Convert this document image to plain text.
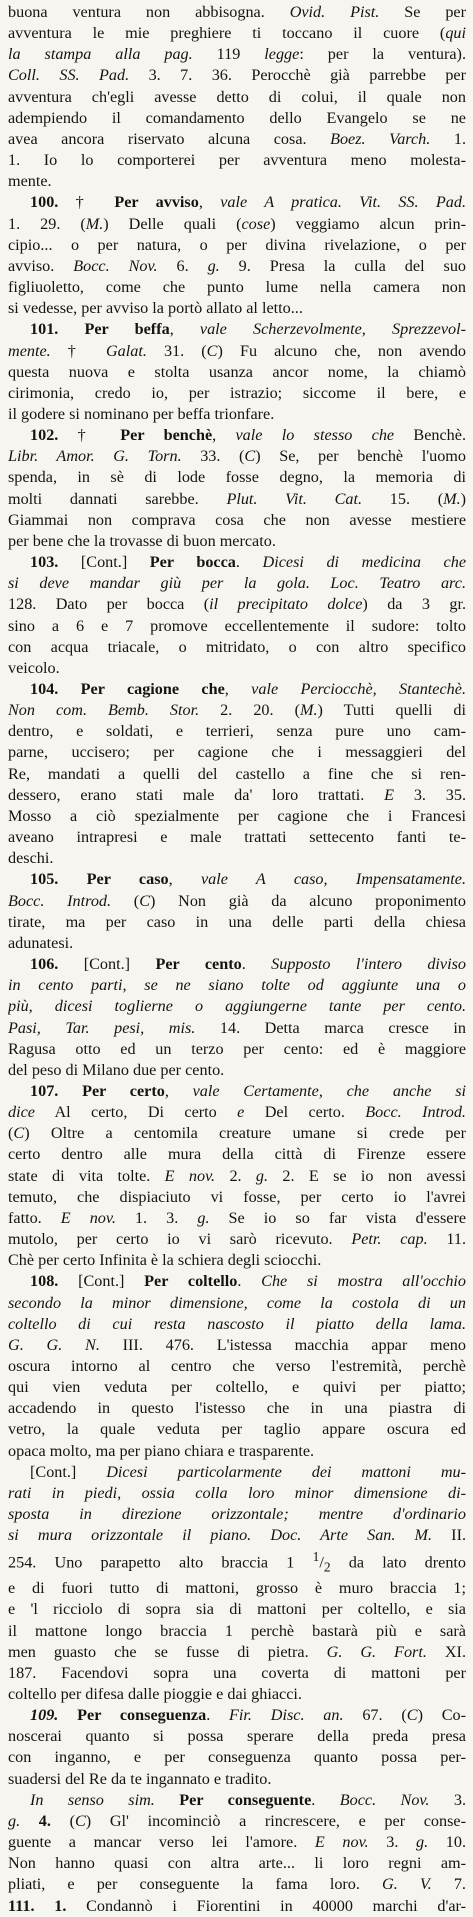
buona ventura non abbisogna. Ovid. Pist. Se per
avventura le mie preghiere ti toccano il cuore (qui
la stampa alla pag. 119 legge: per la ventura).
Coll. SS. Pad. 3. 7. 36. Perocchè già parrebbe per
avventura ch'egli avesse detto di colui, il quale non
adempiendo il comandamento dello Evangelo se ne
avea ancora riservato alcuna cosa. Boez. Varch. 1.
1. Io lo comporterei per avventura meno molesta-
mente.
100. † Per avviso, vale A pratica. Vit. SS. Pad.
1. 29. (M.) Delle quali (cose) veggiamo alcun prin-
cipio... o per natura, o per divina rivelazione, o per
avviso. Bocc. Nov. 6. g. 9. Presa la culla del suo
figliuoletto, come che punto lume nella camera non
si vedesse, per avviso la portò allato al letto...
101. Per beffa, vale Scherzevolmente, Sprezzevol-
mente. † Galat. 31. (C) Fu alcuno che, non avendo
questa nuova e stolta usanza ancor nome, la chiamò
cirimonia, credo io, per istrazio; siccome il bere, e
il godere si nominano per beffa trionfare.
102. † Per benchè, vale lo stesso che Benchè.
Libr. Amor. G. Torn. 33. (C) Se, per benchè l'uomo
spenda, in sè di lode fosse degno, la memoria di
molti dannati sarebbe. Plut. Vit. Cat. 15. (M.)
Giammai non comprava cosa che non avesse mestiere
per bene che la trovasse di buon mercato.
103. [Cont.] Per bocca. Dicesi di medicina che
si deve mandar giù per la gola. Loc. Teatro arc.
128. Dato per bocca (il precipitato dolce) da 3 gr.
sino a 6 e 7 promove eccellentemente il sudore: tolto
con acqua triacale, o mitridato, o con altro specifico
veicolo.
104. Per cagione che, vale Perciocchè, Stantechè.
Non com. Bemb. Stor. 2. 20. (M.) Tutti quelli di
dentro, e soldati, e terrieri, senza pure uno cam-
parne, uccisero; per cagione che i messaggieri del
Re, mandati a quelli del castello a fine che si ren-
dessero, erano stati male da' loro trattati. E 3. 35.
Mosso a ciò spezialmente per cagione che i Francesi
aveano intrapresi e male trattati settecento fanti te-
deschi.
105. Per caso, vale A caso, Impensatamente.
Bocc. Introd. (C) Non già da alcuno proponimento
tirate, ma per caso in una delle parti della chiesa
adunatesi.
106. [Cont.] Per cento. Supposto l'intero diviso
in cento parti, se ne siano tolte od aggiunte una o
più, dicesi toglierne o aggiungerne tante per cento.
Pasi, Tar. pesi, mis. 14. Detta marca cresce in
Ragusa otto ed un terzo per cento: ed è maggiore
del peso di Milano due per cento.
107. Per certo, vale Certamente, che anche si
dice Al certo, Di certo e Del certo. Bocc. Introd.
(C) Oltre a centomila creature umane si crede per
certo dentro alle mura della città di Firenze essere
state di vita tolte. E nov. 2. g. 2. E se io non avessi
temuto, che dispiaciuto vi fosse, per certo io l'avrei
fatto. E nov. 1. 3. g. Se io so far vista d'essere
mutolo, per certo io vi sarò ricevuto. Petr. cap. 11.
Chè per certo Infinita è la schiera degli sciocchi.
108. [Cont.] Per coltello. Che si mostra all'occhio
secondo la minor dimensione, come la costola di un
coltello di cui resta nascosto il piatto della lama.
G. G. N. III. 476. L'istessa macchia appar meno
oscura intorno al centro che verso l'estremità, perchè
qui vien veduta per coltello, e quivi per piatto;
accadendo in questo l'istesso che in una piastra di
vetro, la quale veduta per taglio appare oscura ed
opaca molto, ma per piano chiara e trasparente.
[Cont.] Dicesi particolarmente dei mattoni mu-
rati in piedi, ossia colla loro minor dimensione di-
sposta in direzione orizzontale; mentre d'ordinario
si mura orizzontale il piano. Doc. Arte San. M. II.
254. Uno parapetto alto braccia 1 $^1/_2$ da lato drento
e di fuori tutto di mattoni, grosso è muro braccia 1;
e 'l ricciolo di sopra sia di mattoni per coltello, e sia
il mattone longo braccia 1 perchè bastarà più e sarà
men guasto che se fusse di pietra. G. G. Fort. XI.
187. Facendovi sopra una coverta di mattoni per
coltello per difesa dalle pioggie e dai ghiacci.
109. Per conseguenza. Fir. Disc. an. 67. (C) Co-
noscerai quanto si possa sperare della preda presa
con inganno, e per conseguenza quanto possa per-
suadersi del Re da te ingannato e tradito.
In senso sim. Per conseguente. Bocc. Nov. 3.
g. 4. (C) Gl' incominciò a rincrescere, e per conse-
guente a mancar verso lei l'amore. E nov. 3. g. 10.
Non hanno quasi con altra arte... li loro regni am-
pliati, e per conseguente la fama loro. G. V. 7.
111. 1. Condannò i Fiorentini in 40000 marchi d'ar-
